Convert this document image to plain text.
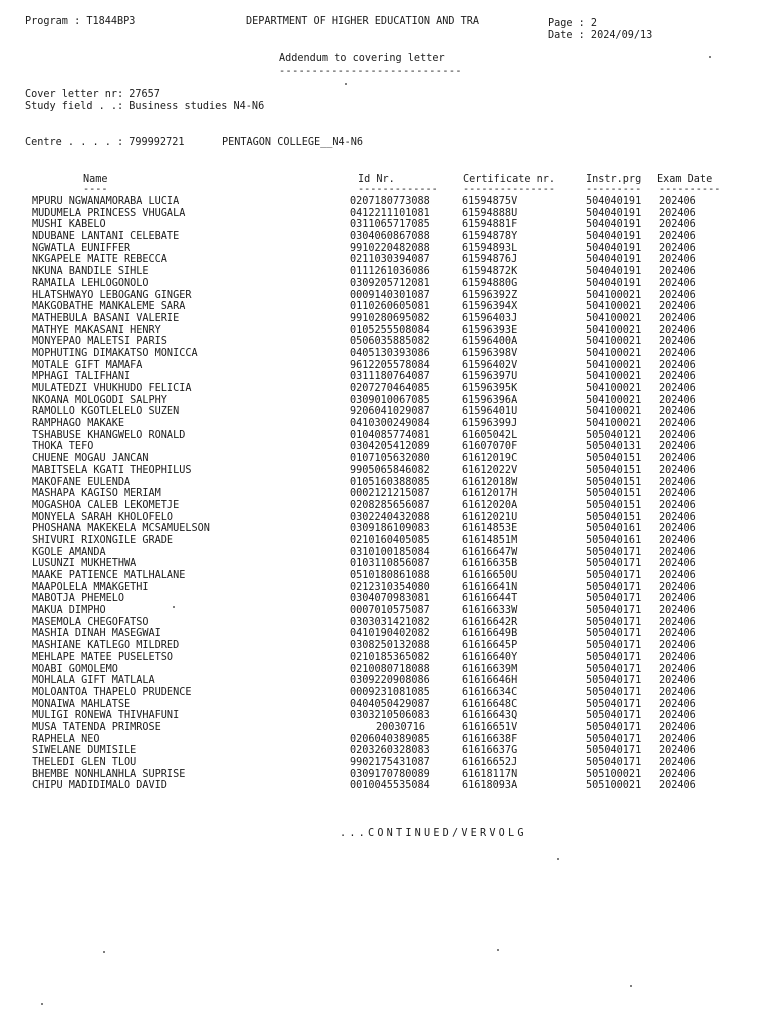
Program : T1844BP3	DEPARTMENT OF HIGHER EDUCATION AND TRA	Page : 2
Date : 2024/09/13
Addendum to covering letter
----------------------------
Cover letter nr: 27657
Study field . .: Business studies N4-N6
Centre . . . . : 799992721	PENTAGON COLLEGE__N4-N6
Name	Id Nr.	Certificate nr.	Instr.prg Exam Date
----	------------- ---------------	--------- ----------
MPURU NGWANAMORABA LUCIA	0207180773088	61594875V	504040191 202406
MUDUMELA PRINCESS VHUGALA	0412211101081	61594888U	504040191 202406
MUSHI KABELO	0311065717085	61594881F	504040191 202406
NDUBANE LANTANI CELEBATE	0304060867088	61594878Y	504040191 202406
NGWATLA EUNIFFER	9910220482088	61594893L	504040191 202406
NKGAPELE MAITE REBECCA	0211030394087	61594876J	504040191 202406
NKUNA BANDILE SIHLE	0111261036086	61594872K	504040191 202406
RAMAILA LEHLOGONOLO	0309205712081	61594880G	504040191 202406
HLATSHWAYO LEBOGANG GINGER	0009140301087	61596392Z	504100021 202406
MAKGOBATHE MANKALEME SARA	0110260605081	61596394X	504100021 202406
MATHEBULA BASANI VALERIE	9910280695082	61596403J	504100021 202406
MATHYE MAKASANI HENRY	0105255508084	61596393E	504100021 202406
MONYEPAO MALETSI PARIS	0506035885082	61596400A	504100021 202406
MOPHUTING DIMAKATSO MONICCA	0405130393086	61596398V	504100021 202406
MOTALE GIFT MAMAFA	9612205578084	61596402V	504100021 202406
MPHAGI TALIFHANI	0311180764087	61596397U	504100021 202406
MULATEDZI VHUKHUDO FELICIA	0207270464085	61596395K	504100021 202406
NKOANA MOLOGODI SALPHY	0309010067085	61596396A	504100021 202406
RAMOLLO KGOTLELELO SUZEN	9206041029087	61596401U	504100021 202406
RAMPHAGO MAKAKE	0410300249084	61596399J	504100021 202406
TSHABUSE KHANGWELO RONALD	0104085774081	61605042L	505040121 202406
THOKA TEFO	0304205412089	61607070F	505040131 202406
CHUENE MOGAU JANCAN	0107105632080	61612019C	505040151 202406
MABITSELA KGATI THEOPHILUS	9905065846082	61612022V	505040151 202406
MAKOFANE EULENDA	0105160388085	61612018W	505040151 202406
MASHAPA KAGISO MERIAM	0002121215087	61612017H	505040151 202406
MOGASHOA CALEB LEKOMETJE	0208285656087	61612020A	505040151 202406
MONYELA SARAH KHOLOFELO	0302240432088	61612021U	505040151 202406
PHOSHANA MAKEKELA MCSAMUELSON	0309186109083	61614853E	505040161 202406
SHIVURI RIXONGILE GRADE	0210160405085	61614851M	505040161 202406
KGOLE AMANDA	0310100185084	61616647W	505040171 202406
LUSUNZI MUKHETHWA	0103110856087	61616635B	505040171 202406
MAAKE PATIENCE MATLHALANE	0510180861088	61616650U	505040171 202406
MAAPOLELA MMAKGETHI	0212310354080	61616641N	505040171 202406
MABOTJA PHEMELO	0304070983081	61616644T	505040171 202406
MAKUA DIMPHO	0007010575087	61616633W	505040171 202406
MASEMOLA CHEGOFATSO	0303031421082	61616642R	505040171 202406
MASHIA DINAH MASEGWAI	0410190402082	61616649B	505040171 202406
MASHIANE KATLEGO MILDRED	0308250132088	61616645P	505040171 202406
MEHLAPE MATEE PUSELETSO	0210185365082	61616640Y	505040171 202406
MOABI GOMOLEMO	0210080718088	61616639M	505040171 202406
MOHLALA GIFT MATLALA	0309220908086	61616646H	505040171 202406
MOLOANTOA THAPELO PRUDENCE	0009231081085	61616634C	505040171 202406
MONAIWA MAHLATSE	0404050429087	61616648C	505040171 202406
MULIGI RONEWA THIVHAFUNI	0303210506083	61616643Q	505040171 202406
MUSA TATENDA PRIMROSE	20030716	61616651V	505040171 202406
RAPHELA NEO	0206040389085	61616638F	505040171 202406
SIWELANE DUMISILE	0203260328083	61616637G	505040171 202406
THELEDI GLEN TLOU	9902175431087	61616652J	505040171 202406
BHEMBE NONHLANHLA SUPRISE	0309170780089	61618117N	505100021 202406
CHIPU MADIDIMALO DAVID	0010045535084	61618093A	505100021 202406
...CONTINUED/VERVOLG
